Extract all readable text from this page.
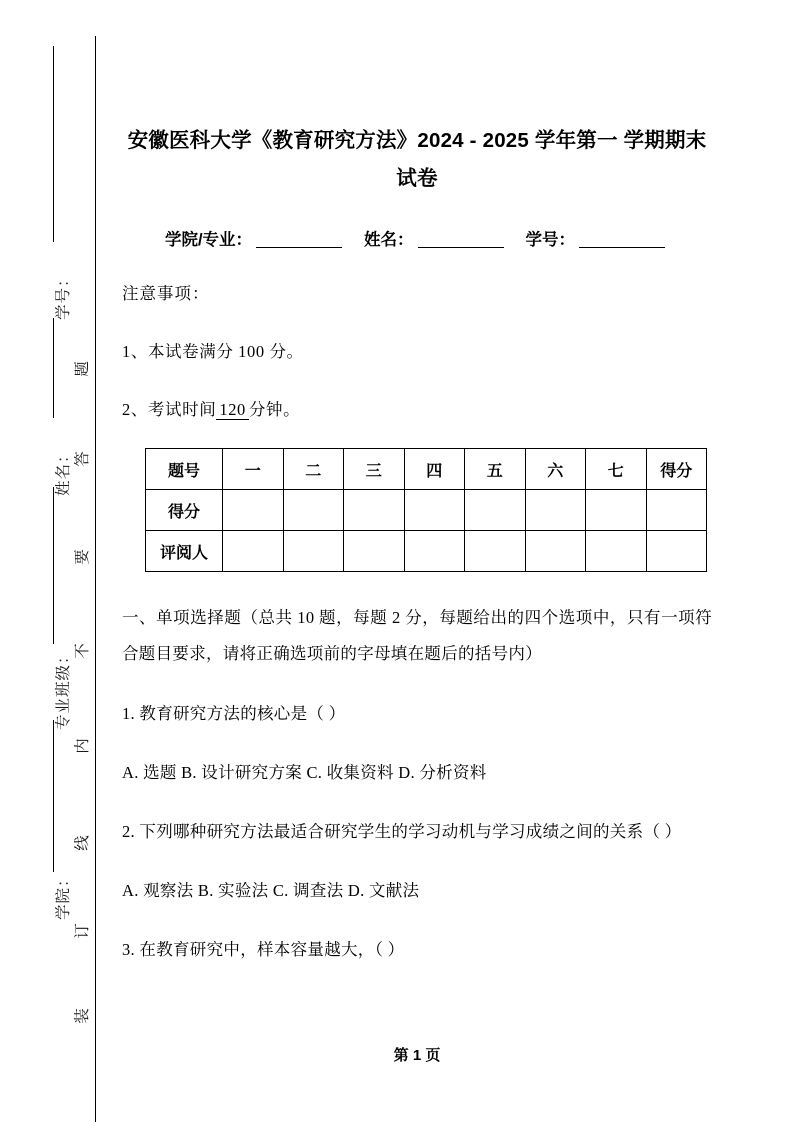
学号：
姓名：
专业班级：
学院：
题
答
要
不
内
线
订
装
安徽医科大学《教育研究方法》2024 - 2025 学年第一 学期期末试卷
学院/专业：	姓名：	学号：
注意事项：
1、本试卷满分 100 分。
2、考试时间 120 分钟。
题号	一	二	三	四	五	六	七	得分
得分								
评阅人								
一、单项选择题（总共 10 题，每题 2 分，每题给出的四个选项中，只有一项符合题目要求，请将正确选项前的字母填在题后的括号内）
1. 教育研究方法的核心是（ ）
A. 选题 B. 设计研究方案 C. 收集资料 D. 分析资料
2. 下列哪种研究方法最适合研究学生的学习动机与学习成绩之间的关系（ ）
A. 观察法 B. 实验法 C. 调查法 D. 文献法
3. 在教育研究中，样本容量越大，（ ）
第 1 页
